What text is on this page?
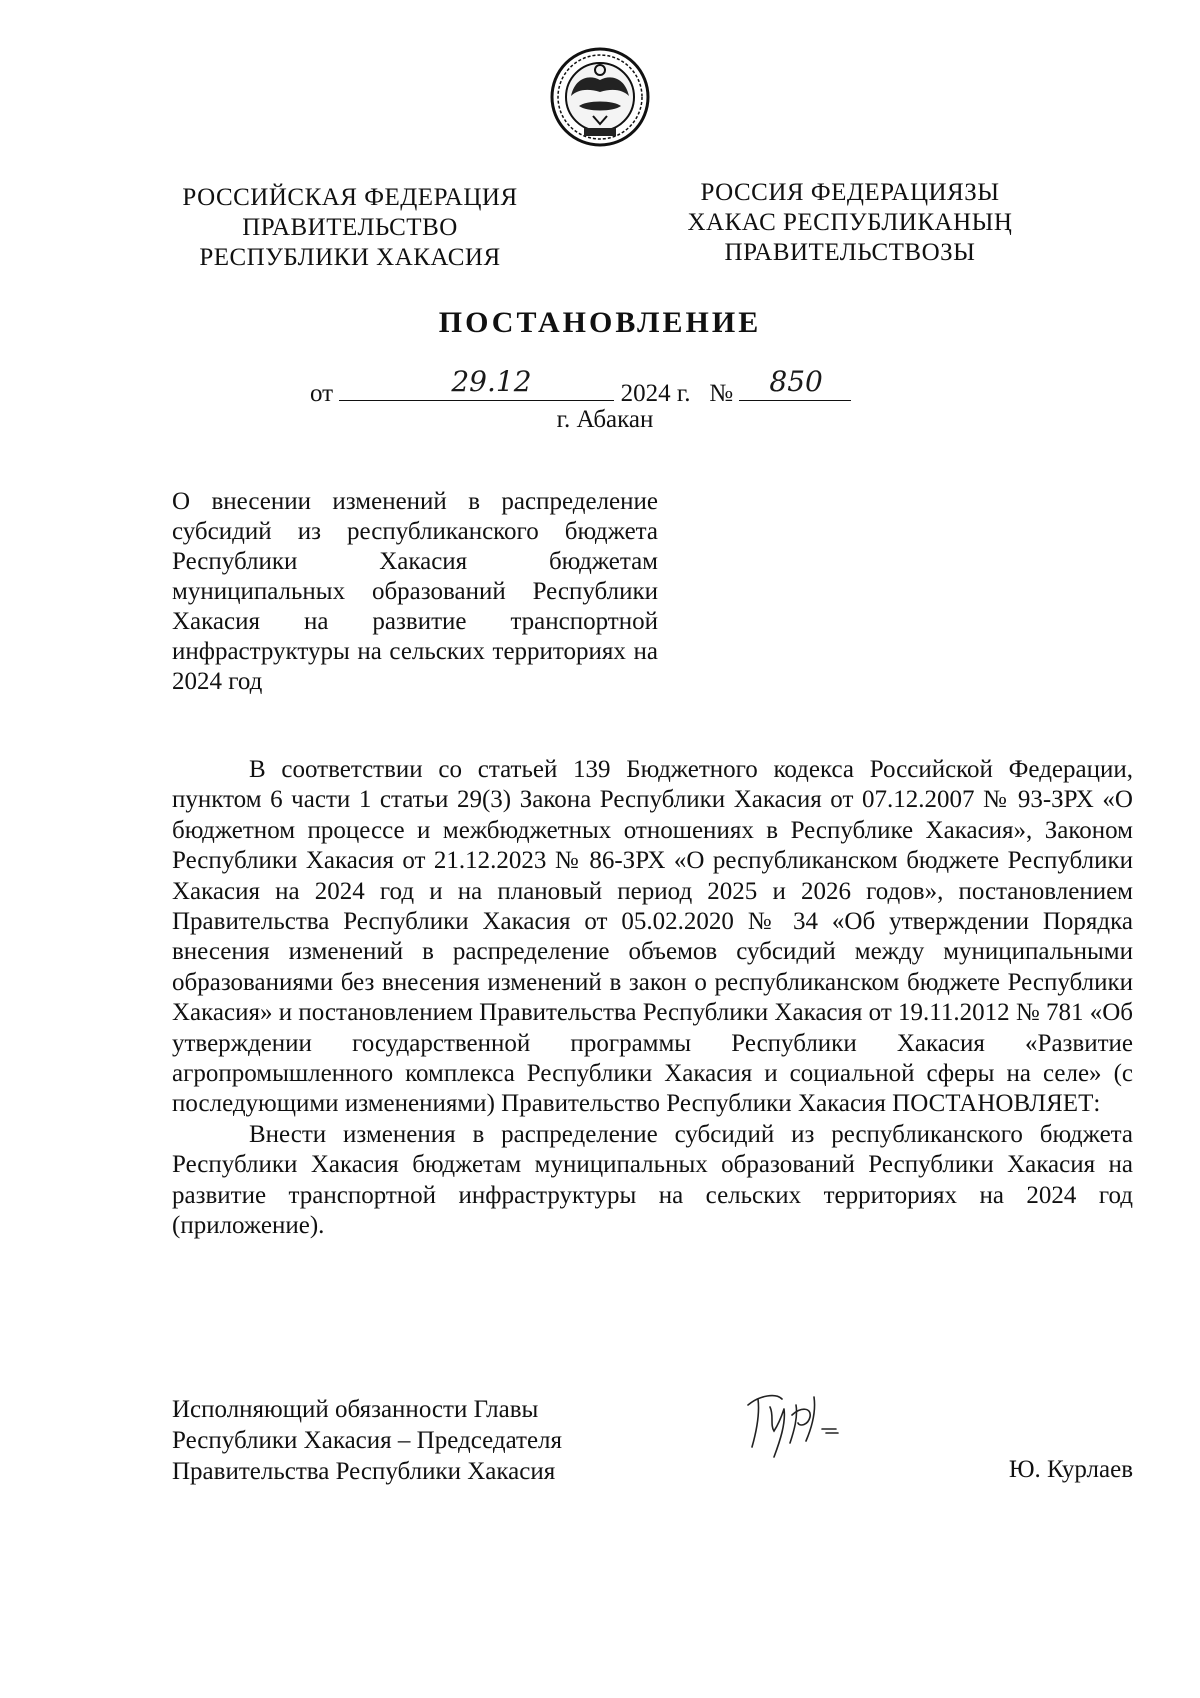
РОССИЙСКАЯ ФЕДЕРАЦИЯ
ПРАВИТЕЛЬСТВО
РЕСПУБЛИКИ ХАКАСИЯ
РОССИЯ ФЕДЕРАЦИЯЗЫ
ХАКАС РЕСПУБЛИКАНЫҢ
ПРАВИТЕЛЬСТВОЗЫ
ПОСТАНОВЛЕНИЕ
от	29.12	2024 г. № 850
г. Абакан
О внесении изменений в распределение субсидий из республиканского бюджета Республики Хакасия бюджетам муниципальных образований Республики Хакасия на развитие транспортной инфраструктуры на сельских территориях на 2024 год

В соответствии со статьей 139 Бюджетного кодекса Российской Федерации, пунктом 6 части 1 статьи 29(3) Закона Республики Хакасия от 07.12.2007 № 93-ЗРХ «О бюджетном процессе и межбюджетных отношениях в Республике Хакасия», Законом Республики Хакасия от 21.12.2023 № 86-ЗРХ «О республиканском бюджете Республики Хакасия на 2024 год и на плановый период 2025 и 2026 годов», постановлением Правительства Республики Хакасия от 05.02.2020 № 34 «Об утверждении Порядка внесения изменений в распределение объемов субсидий между муниципальными образованиями без внесения изменений в закон о республиканском бюджете Республики Хакасия» и постановлением Правительства Республики Хакасия от 19.11.2012 № 781 «Об утверждении государственной программы Республики Хакасия «Развитие агропромышленного комплекса Республики Хакасия и социальной сферы на селе» (с последующими изменениями) Правительство Республики Хакасия ПОСТАНОВЛЯЕТ:

Внести изменения в распределение субсидий из республиканского бюджета Республики Хакасия бюджетам муниципальных образований Республики Хакасия на развитие транспортной инфраструктуры на сельских территориях на 2024 год (приложение).

Исполняющий обязанности Главы
Республики Хакасия – Председателя
Правительства Республики Хакасия	Ю. Курлаев
